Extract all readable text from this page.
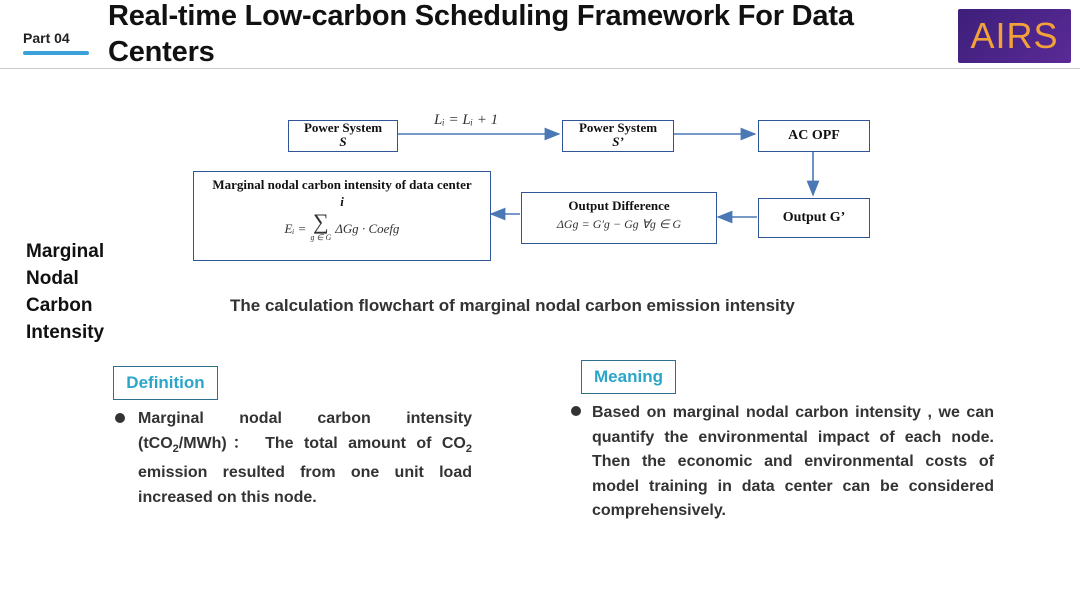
Part 04
Real-time Low-carbon Scheduling Framework For Data Centers	AIRS
Marginal
Nodal
Carbon
Intensity
Lᵢ = Lᵢ + 1
Power System
S
Power System
S’	AC OPF
Output G’
Output Difference
ΔGɡ = G′ɡ − Gɡ ∀ɡ ∈ G
Marginal nodal carbon intensity of data center
i
Eᵢ = ∑
ɡ ∈ G
ΔGɡ · Coefɡ
The calculation flowchart of marginal nodal carbon emission intensity
Definition
Marginal nodal carbon intensity (tCO$_2$/MWh)： The total amount of $CO_2$ emission resulted from one unit load increased on this node.
Meaning
Based on marginal nodal carbon intensity , we can quantify the environmental impact of each node. Then the economic and environmental costs of model training in data center can be considered comprehensively.
